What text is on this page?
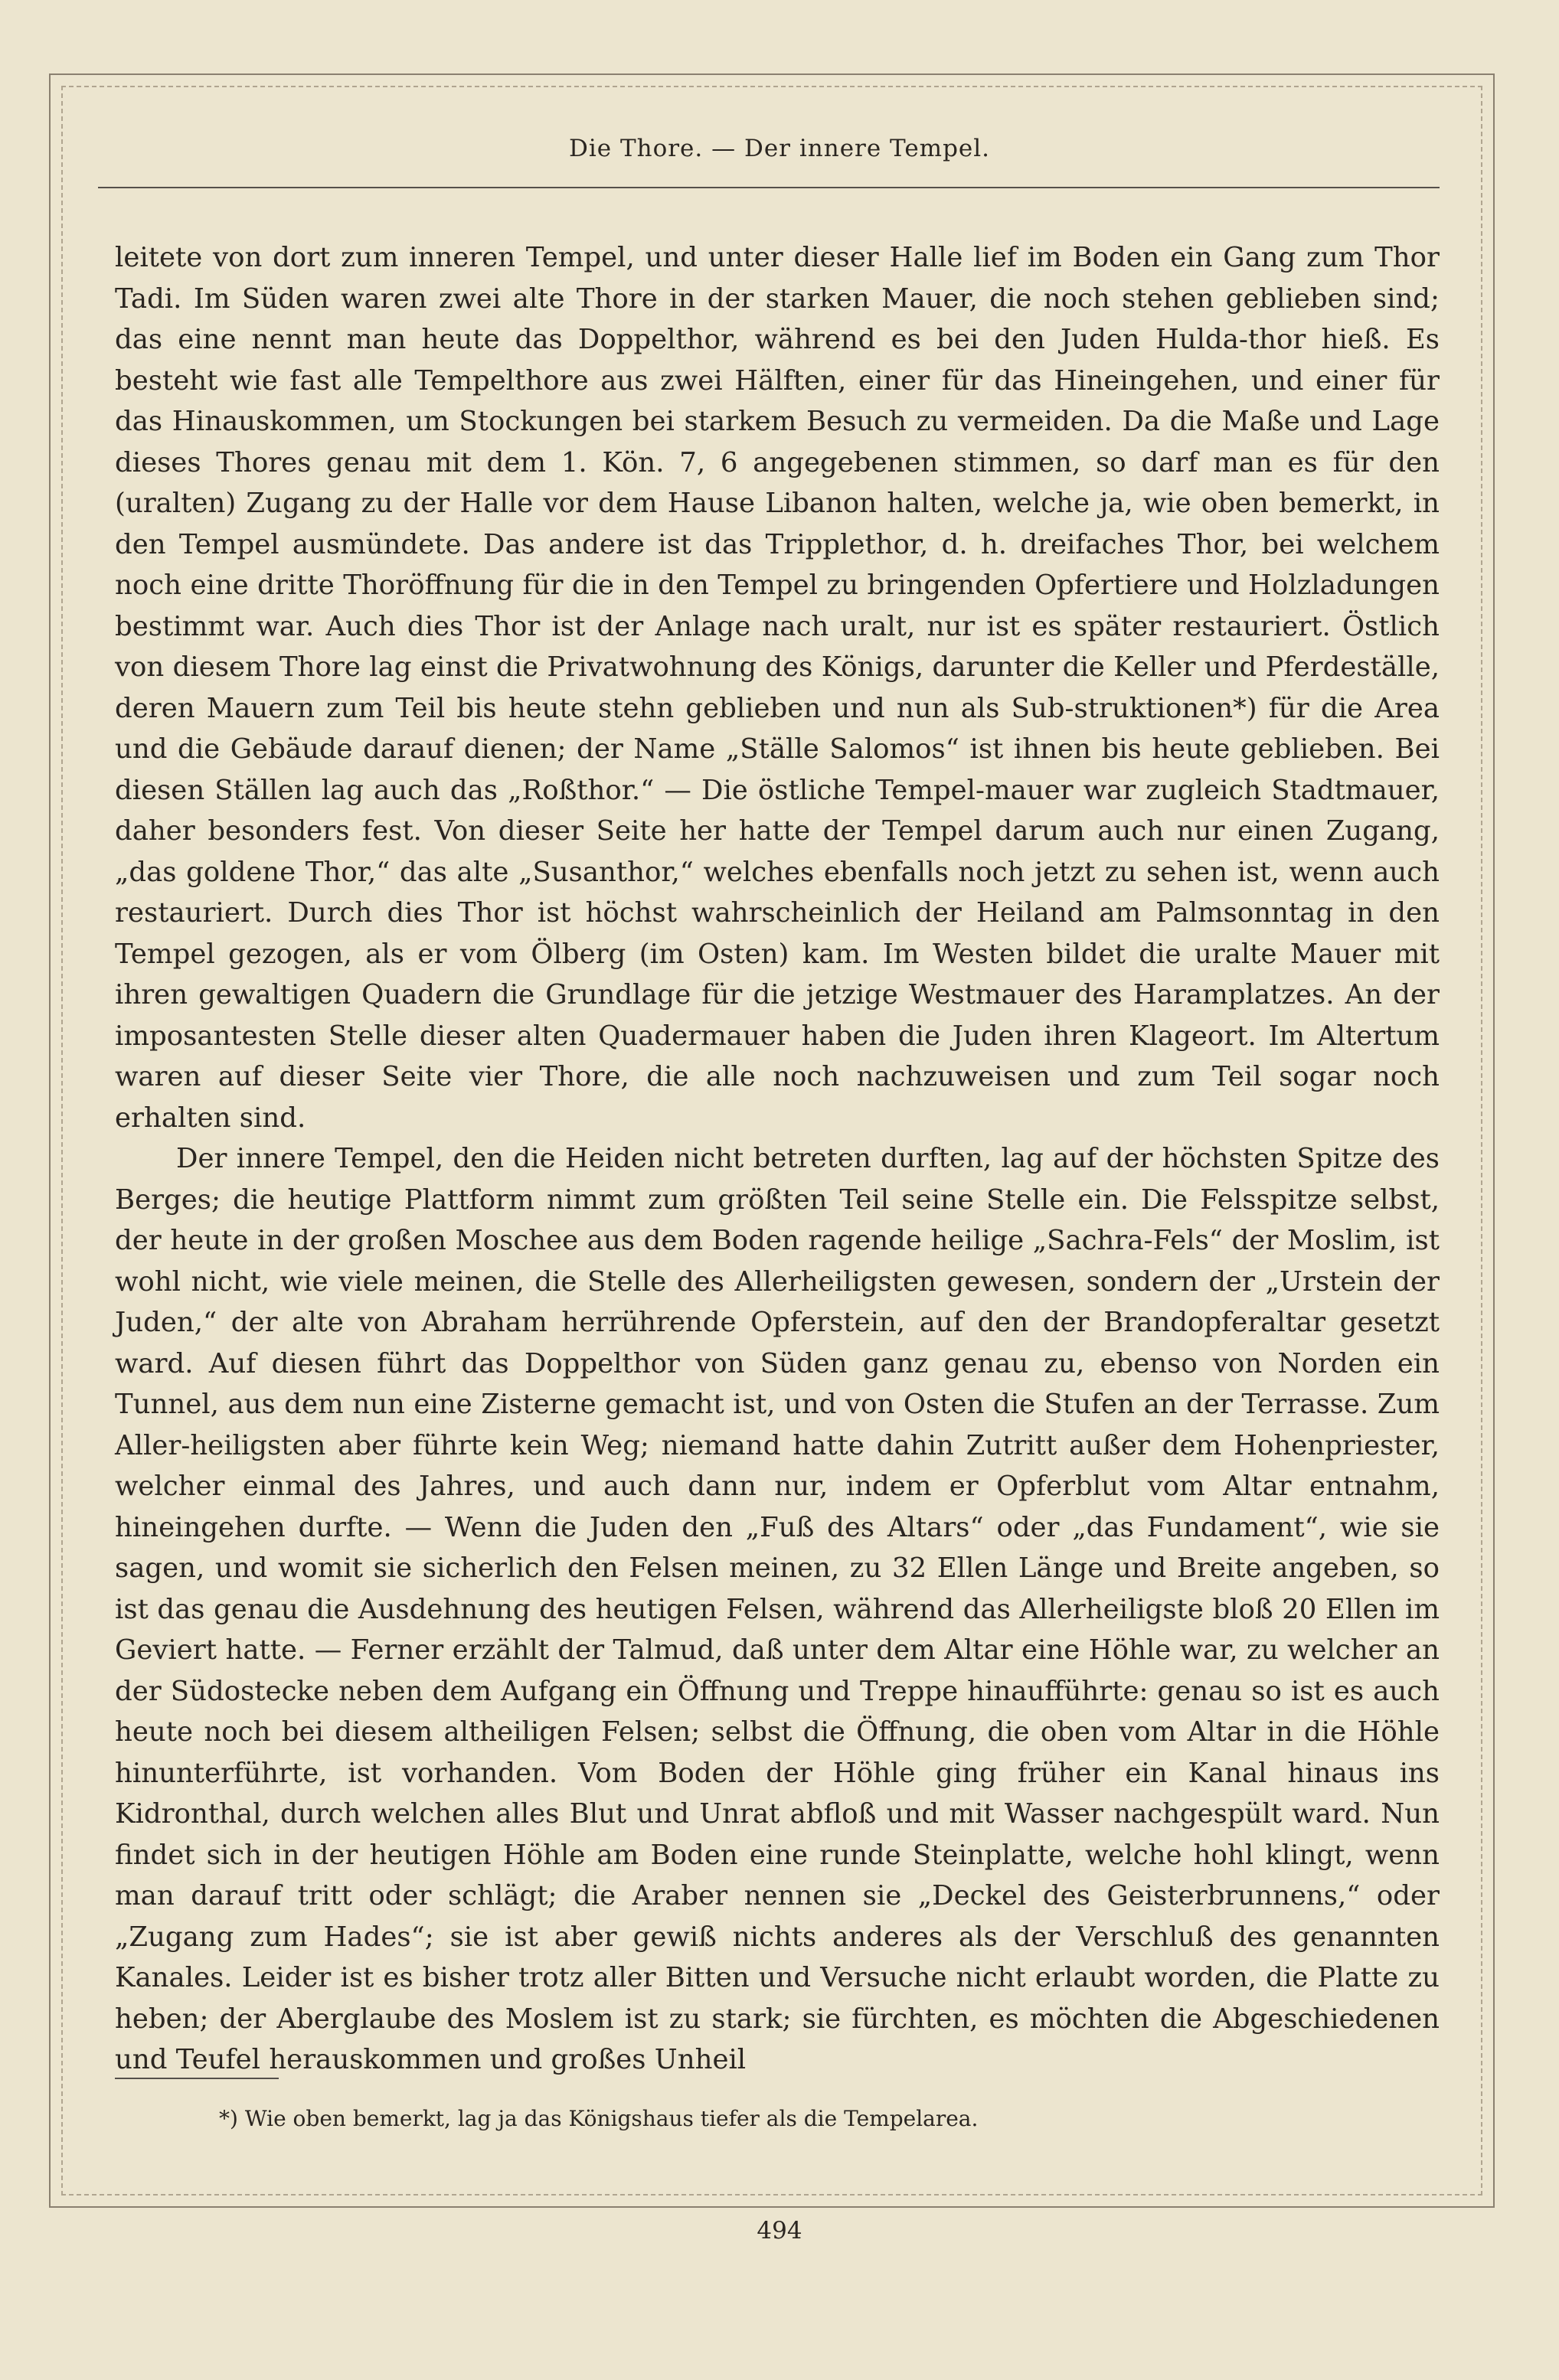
Die Thore. — Der innere Tempel.

leitete von dort zum inneren Tempel, und unter dieser Halle lief im Boden ein Gang zum Thor Tadi. Im Süden waren zwei alte Thore in der starken Mauer, die noch stehen geblieben sind; das eine nennt man heute das Doppelthor, während es bei den Juden Hulda-thor hieß. Es besteht wie fast alle Tempelthore aus zwei Hälften, einer für das Hineingehen, und einer für das Hinauskommen, um Stockungen bei starkem Besuch zu vermeiden. Da die Maße und Lage dieses Thores genau mit dem 1. Kön. 7, 6 angegebenen stimmen, so darf man es für den (uralten) Zugang zu der Halle vor dem Hause Libanon halten, welche ja, wie oben bemerkt, in den Tempel ausmündete. Das andere ist das Tripplethor, d. h. dreifaches Thor, bei welchem noch eine dritte Thoröffnung für die in den Tempel zu bringenden Opfertiere und Holzladungen bestimmt war. Auch dies Thor ist der Anlage nach uralt, nur ist es später restauriert. Östlich von diesem Thore lag einst die Privatwohnung des Königs, darunter die Keller und Pferdeställe, deren Mauern zum Teil bis heute stehn geblieben und nun als Sub-struktionen*) für die Area und die Gebäude darauf dienen; der Name „Ställe Salomos“ ist ihnen bis heute geblieben. Bei diesen Ställen lag auch das „Roßthor.“ — Die östliche Tempel-mauer war zugleich Stadtmauer, daher besonders fest. Von dieser Seite her hatte der Tempel darum auch nur einen Zugang, „das goldene Thor,“ das alte „Susanthor,“ welches ebenfalls noch jetzt zu sehen ist, wenn auch restauriert. Durch dies Thor ist höchst wahrscheinlich der Heiland am Palmsonntag in den Tempel gezogen, als er vom Ölberg (im Osten) kam. Im Westen bildet die uralte Mauer mit ihren gewaltigen Quadern die Grundlage für die jetzige Westmauer des Haramplatzes. An der imposantesten Stelle dieser alten Quadermauer haben die Juden ihren Klageort. Im Altertum waren auf dieser Seite vier Thore, die alle noch nachzuweisen und zum Teil sogar noch erhalten sind.

Der innere Tempel, den die Heiden nicht betreten durften, lag auf der höchsten Spitze des Berges; die heutige Plattform nimmt zum größten Teil seine Stelle ein. Die Felsspitze selbst, der heute in der großen Moschee aus dem Boden ragende heilige „Sachra-Fels“ der Moslim, ist wohl nicht, wie viele meinen, die Stelle des Allerheiligsten gewesen, sondern der „Urstein der Juden,“ der alte von Abraham herrührende Opferstein, auf den der Brandopferaltar gesetzt ward. Auf diesen führt das Doppelthor von Süden ganz genau zu, ebenso von Norden ein Tunnel, aus dem nun eine Zisterne gemacht ist, und von Osten die Stufen an der Terrasse. Zum Aller-heiligsten aber führte kein Weg; niemand hatte dahin Zutritt außer dem Hohenpriester, welcher einmal des Jahres, und auch dann nur, indem er Opferblut vom Altar entnahm, hineingehen durfte. — Wenn die Juden den „Fuß des Altars“ oder „das Fundament“, wie sie sagen, und womit sie sicherlich den Felsen meinen, zu 32 Ellen Länge und Breite angeben, so ist das genau die Ausdehnung des heutigen Felsen, während das Allerheiligste bloß 20 Ellen im Geviert hatte. — Ferner erzählt der Talmud, daß unter dem Altar eine Höhle war, zu welcher an der Südostecke neben dem Aufgang ein Öffnung und Treppe hinaufführte: genau so ist es auch heute noch bei diesem altheiligen Felsen; selbst die Öffnung, die oben vom Altar in die Höhle hinunterführte, ist vorhanden. Vom Boden der Höhle ging früher ein Kanal hinaus ins Kidronthal, durch welchen alles Blut und Unrat abfloß und mit Wasser nachgespült ward. Nun findet sich in der heutigen Höhle am Boden eine runde Steinplatte, welche hohl klingt, wenn man darauf tritt oder schlägt; die Araber nennen sie „Deckel des Geisterbrunnens,“ oder „Zugang zum Hades“; sie ist aber gewiß nichts anderes als der Verschluß des genannten Kanales. Leider ist es bisher trotz aller Bitten und Versuche nicht erlaubt worden, die Platte zu heben; der Aberglaube des Moslem ist zu stark; sie fürchten, es möchten die Abgeschiedenen und Teufel herauskommen und großes Unheil

*) Wie oben bemerkt, lag ja das Königshaus tiefer als die Tempelarea.
494
